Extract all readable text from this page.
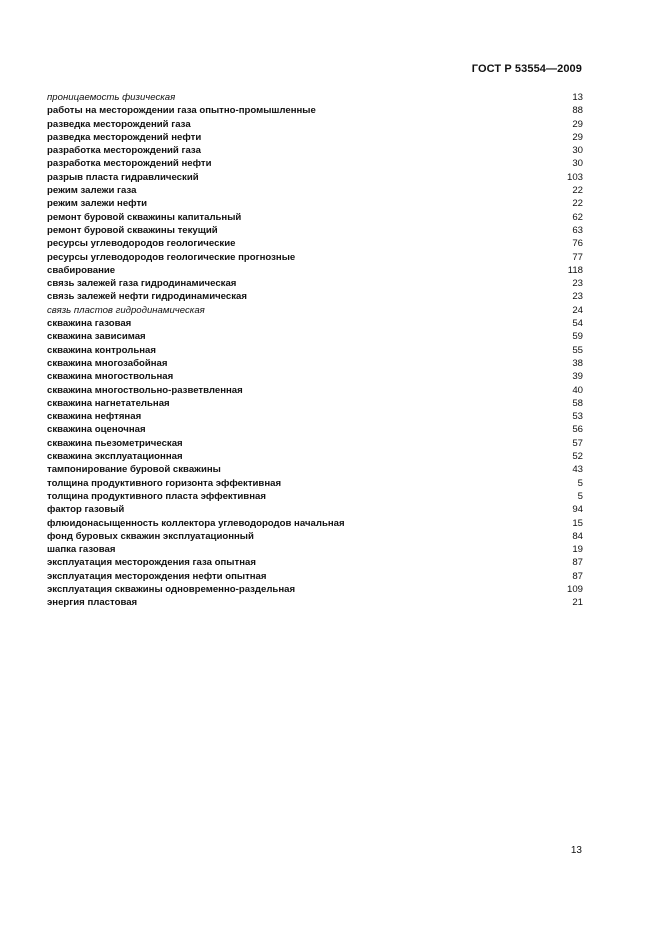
ГОСТ Р 53554—2009
проницаемость физическая	13
работы на месторождении газа опытно-промышленные	88
разведка месторождений газа	29
разведка месторождений нефти	29
разработка месторождений газа	30
разработка месторождений нефти	30
разрыв пласта гидравлический	103
режим залежи газа	22
режим залежи нефти	22
ремонт буровой скважины капитальный	62
ремонт буровой скважины текущий	63
ресурсы углеводородов геологические	76
ресурсы углеводородов геологические прогнозные	77
свабирование	118
связь залежей газа гидродинамическая	23
связь залежей нефти гидродинамическая	23
связь пластов гидродинамическая	24
скважина газовая	54
скважина зависимая	59
скважина контрольная	55
скважина многозабойная	38
скважина многоствольная	39
скважина многоствольно-разветвленная	40
скважина нагнетательная	58
скважина нефтяная	53
скважина оценочная	56
скважина пьезометрическая	57
скважина эксплуатационная	52
тампонирование буровой скважины	43
толщина продуктивного горизонта эффективная	5
толщина продуктивного пласта эффективная	5
фактор газовый	94
флюидонасыщенность коллектора углеводородов начальная	15
фонд буровых скважин эксплуатационный	84
шапка газовая	19
эксплуатация месторождения газа опытная	87
эксплуатация месторождения нефти опытная	87
эксплуатация скважины одновременно-раздельная	109
энергия пластовая	21
13
